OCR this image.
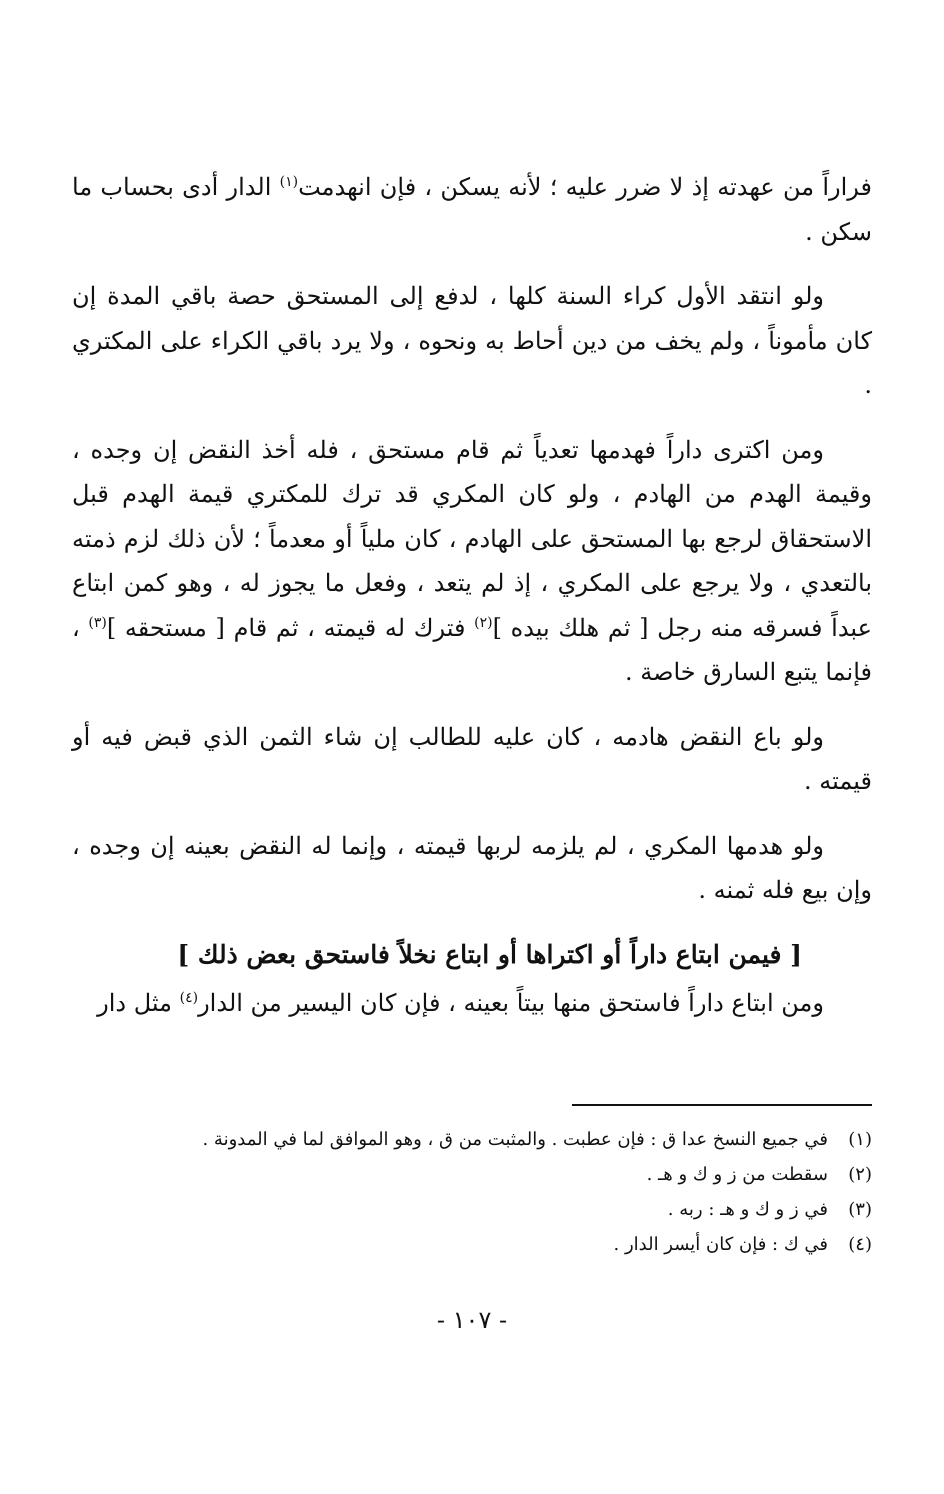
فراراً من عهدته إذ لا ضرر عليه ؛ لأنه يسكن ، فإن انهدمت$^{(١)}$ الدار أدى بحساب ما سكن .

ولو انتقد الأول كراء السنة كلها ، لدفع إلى المستحق حصة باقي المدة إن كان مأموناً ، ولم يخف من دين أحاط به ونحوه ، ولا يرد باقي الكراء على المكتري .

ومن اكترى داراً فهدمها تعدياً ثم قام مستحق ، فله أخذ النقض إن وجده ، وقيمة الهدم من الهادم ، ولو كان المكري قد ترك للمكتري قيمة الهدم قبل الاستحقاق لرجع بها المستحق على الهادم ، كان ملياً أو معدماً ؛ لأن ذلك لزم ذمته بالتعدي ، ولا يرجع على المكري ، إذ لم يتعد ، وفعل ما يجوز له ، وهو كمن ابتاع عبداً فسرقه منه رجل [ ثم هلك بيده ]$^{(٢)}$ فترك له قيمته ، ثم قام [ مستحقه ]$^{(٣)}$ ، فإنما يتبع السارق خاصة .

ولو باع النقض هادمه ، كان عليه للطالب إن شاء الثمن الذي قبض فيه أو قيمته .

ولو هدمها المكري ، لم يلزمه لربها قيمته ، وإنما له النقض بعينه إن وجده ، وإن بيع فله ثمنه .

[ فيمن ابتاع داراً أو اكتراها أو ابتاع نخلاً فاستحق بعض ذلك ]

ومن ابتاع داراً فاستحق منها بيتاً بعينه ، فإن كان اليسير من الدار$^{(٤)}$ مثل دار

(١)في جميع النسخ عدا ق : فإن عطبت . والمثبت من ق ، وهو الموافق لما في المدونة .

(٢)سقطت من ز و ك و هـ .

(٣)في ز و ك و هـ : ربه .

(٤)في ك : فإن كان أيسر الدار .

- ١٠٧ -
